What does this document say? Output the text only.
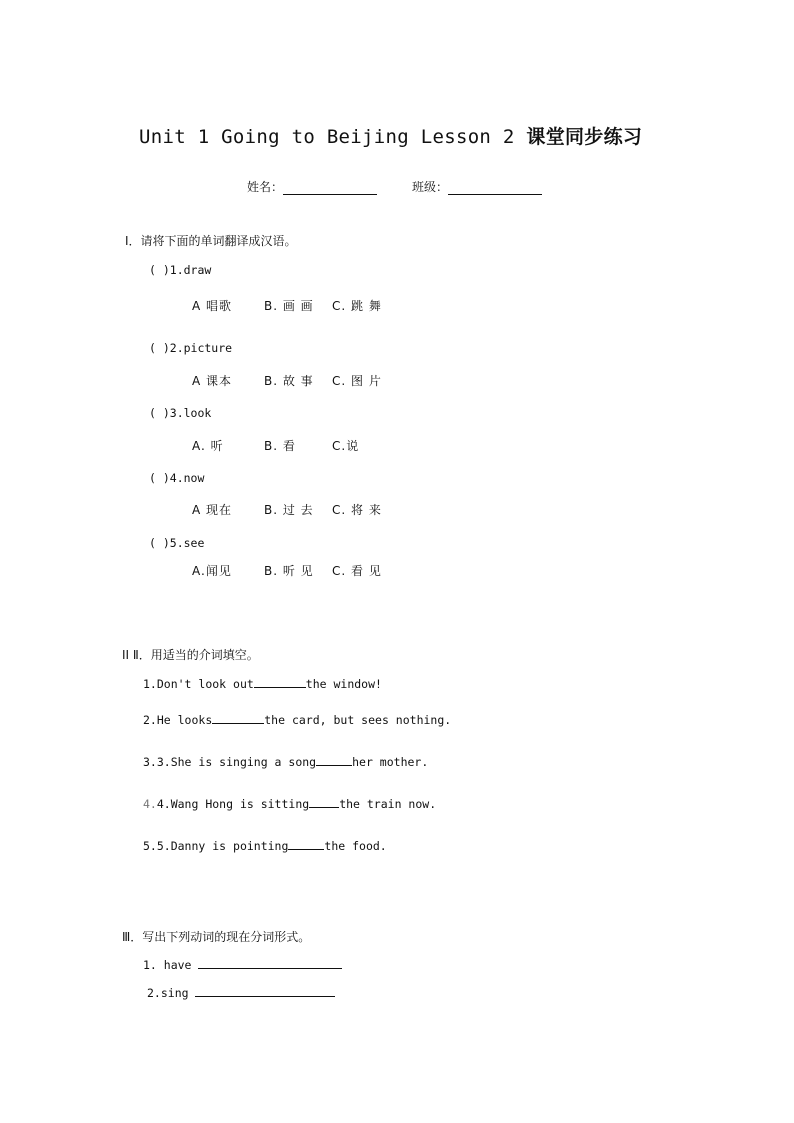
Unit 1 Going to Beijing Lesson 2 课堂同步练习
姓名：	班级：
Ⅰ．请将下面的单词翻译成汉语。
( )1.draw
A 唱歌	B. 画 画 C. 跳 舞
( )2.picture
A 课本	B. 故 事 C. 图 片
( )3.look
A. 听	B. 看	C.说
( )4.now
A 现在	B. 过 去 C. 将 来
( )5.see
A.闻见	B. 听 见 C. 看 见
II Ⅱ．用适当的介词填空。
1.Don't look out	the window!
2.He looks	the card, but sees nothing.
3.3.She is singing a song	her mother.
4.4.Wang Hong is sitting	the train now.
5.5.Danny is pointing	the food.
Ⅲ．写出下列动词的现在分词形式。
1. have
2.sing
